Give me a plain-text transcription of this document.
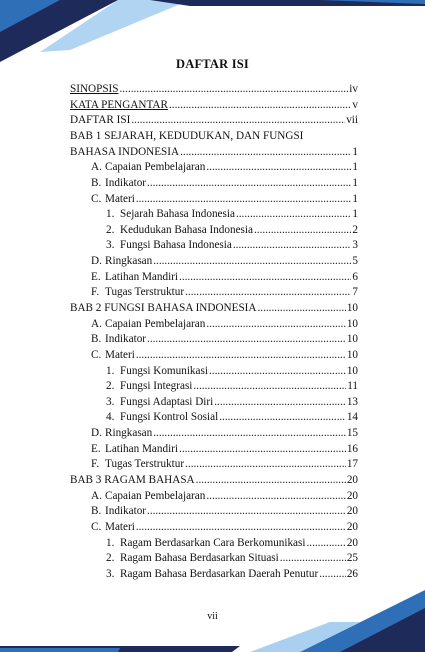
DAFTAR ISI
SINOPSIS .....	iv
KATA PENGANTAR .....	v
DAFTAR ISI .....	vii
BAB 1 SEJARAH, KEDUDUKAN, DAN FUNGSI
BAHASA INDONESIA .....	1
A. Capaian Pembelajaran .....	1
B. Indikator .....	1
C. Materi .....	1
1. Sejarah Bahasa Indonesia .....	1
2. Kedudukan Bahasa Indonesia .....	2
3. Fungsi Bahasa Indonesia .....	3
D. Ringkasan .....	5
E. Latihan Mandiri .....	6
F. Tugas Terstruktur .....	7
BAB 2 FUNGSI BAHASA INDONESIA .....	10
A. Capaian Pembelajaran .....	10
B. Indikator .....	10
C. Materi .....	10
1. Fungsi Komunikasi .....	10
2. Fungsi Integrasi .....	11
3. Fungsi Adaptasi Diri .....	13
4. Fungsi Kontrol Sosial .....	14
D. Ringkasan .....	15
E. Latihan Mandiri .....	16
F. Tugas Terstruktur .....	17
BAB 3 RAGAM BAHASA .....	20
A. Capaian Pembelajaran .....	20
B. Indikator .....	20
C. Materi .....	20
1. Ragam Berdasarkan Cara Berkomunikasi .....	20
2. Ragam Bahasa Berdasarkan Situasi .....	25
3. Ragam Bahasa Berdasarkan Daerah Penutur .....	26
vii
